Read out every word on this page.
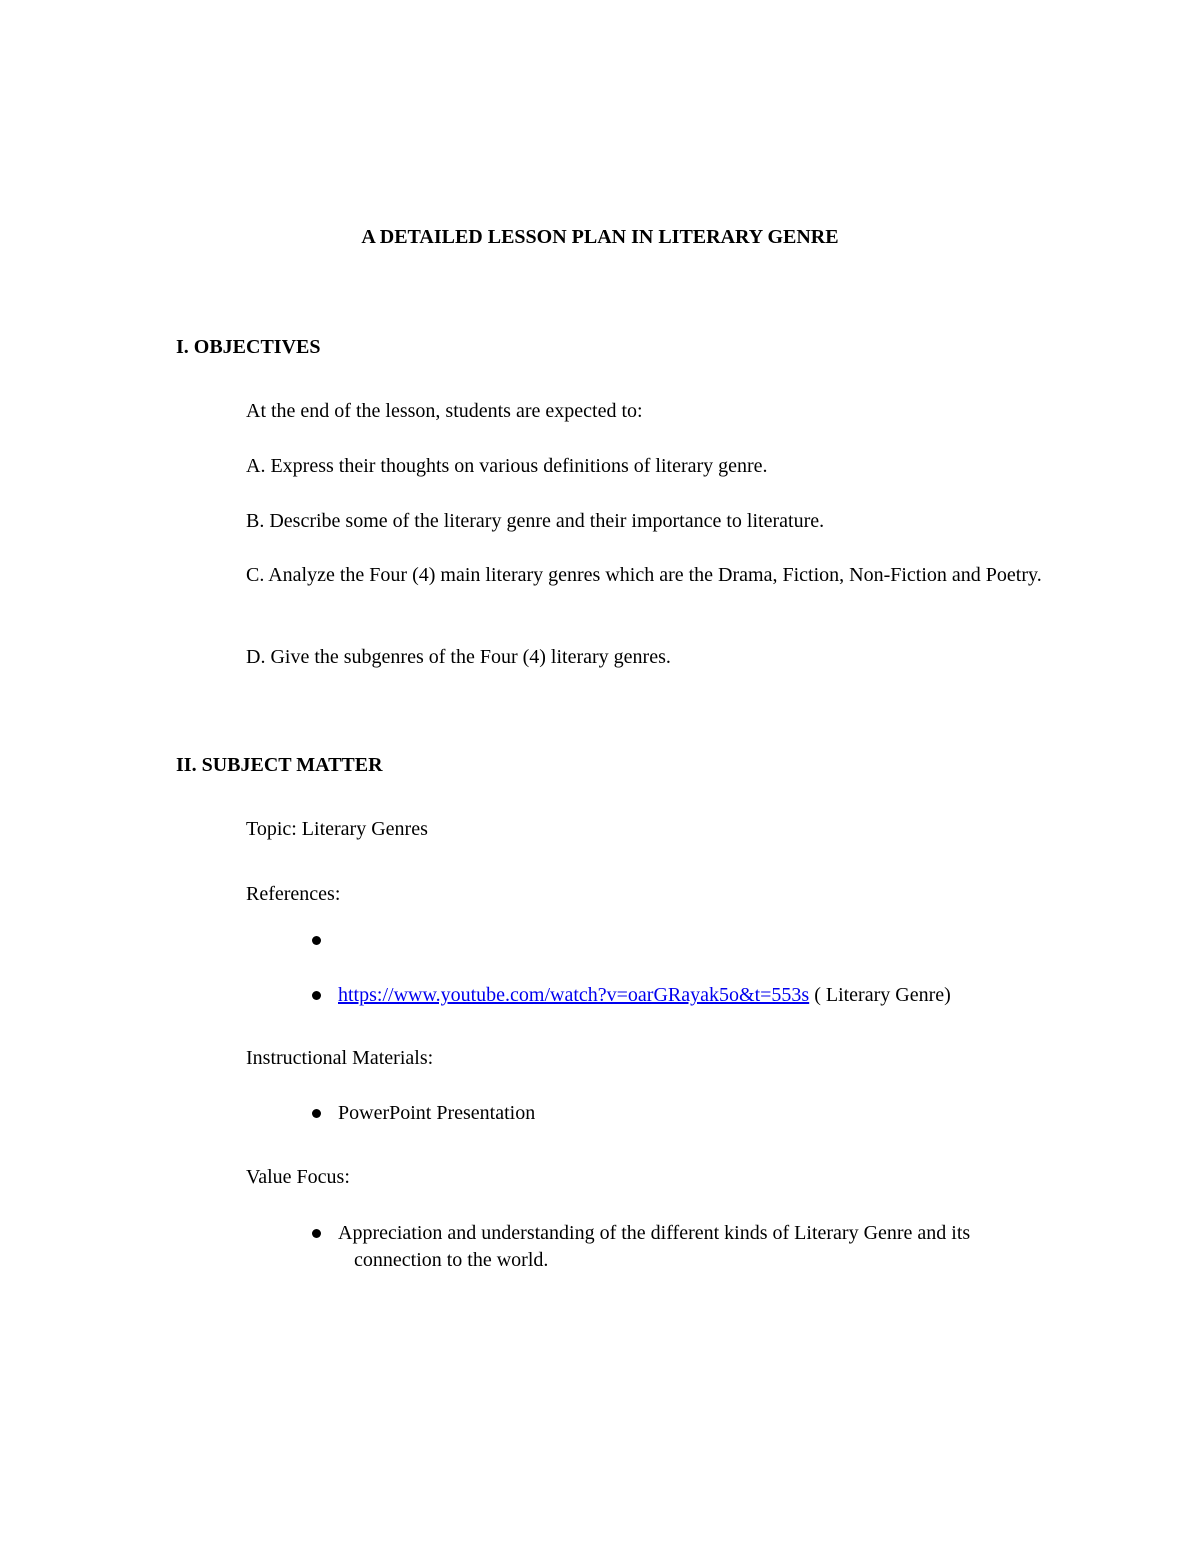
A DETAILED LESSON PLAN IN LITERARY GENRE
I. OBJECTIVES
At the end of the lesson, students are expected to:
A. Express their thoughts on various definitions of literary genre.
B. Describe some of the literary genre and their importance to literature.
C. Analyze the Four (4) main literary genres which are the Drama, Fiction, Non-Fiction and Poetry.
D. Give the subgenres of the Four (4) literary genres.
II. SUBJECT MATTER
Topic: Literary Genres
References:
https://www.youtube.com/watch?v=oarGRayak5o&t=553s ( Literary Genre)
Instructional Materials:
PowerPoint Presentation
Value Focus:
Appreciation and understanding of the different kinds of Literary Genre and its connection to the world.
